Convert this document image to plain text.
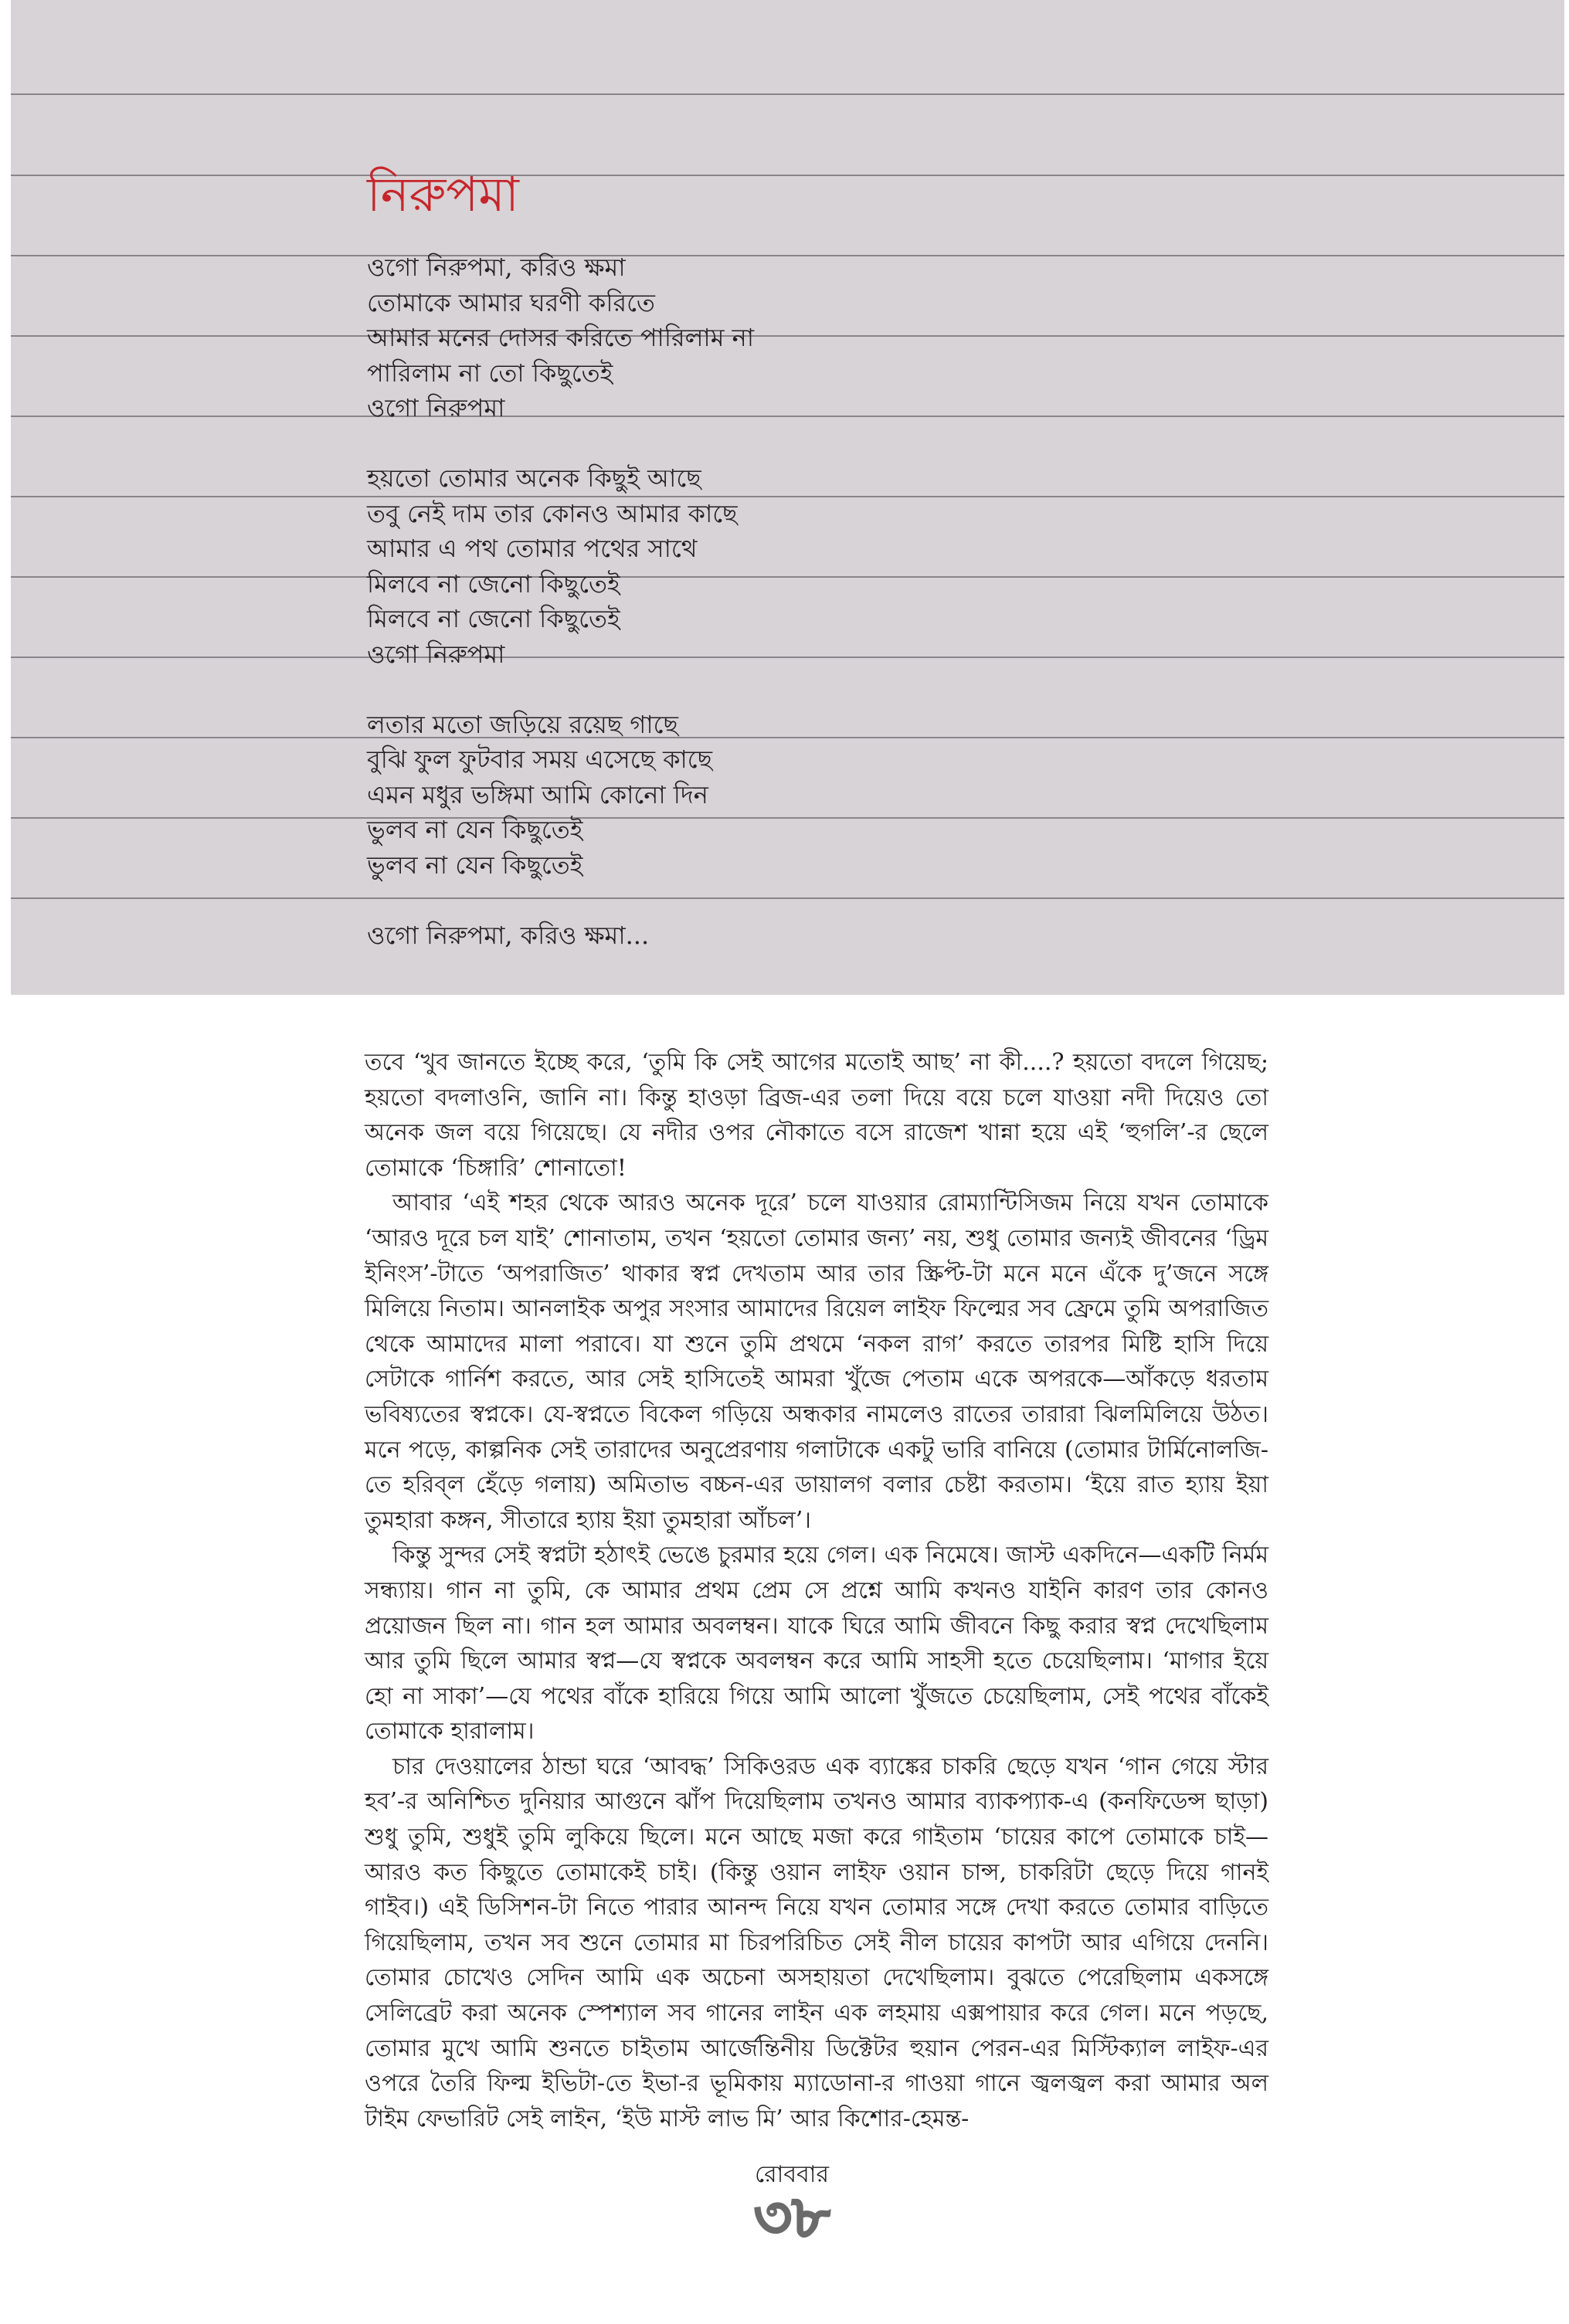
নিরুপমা
ওগো নিরুপমা, করিও ক্ষমা
তোমাকে আমার ঘরণী করিতে
আমার মনের দোসর করিতে পারিলাম না
পারিলাম না তো কিছুতেই
ওগো নিরুপমা
হয়তো তোমার অনেক কিছুই আছে
তবু নেই দাম তার কোনও আমার কাছে
আমার এ পথ তোমার পথের সাথে
মিলবে না জেনো কিছুতেই
মিলবে না জেনো কিছুতেই
ওগো নিরুপমা
লতার মতো জড়িয়ে রয়েছ গাছে
বুঝি ফুল ফুটবার সময় এসেছে কাছে
এমন মধুর ভঙ্গিমা আমি কোনো দিন
ভুলব না যেন কিছুতেই
ভুলব না যেন কিছুতেই
ওগো নিরুপমা, করিও ক্ষমা...

তবে ‘খুব জানতে ইচ্ছে করে, ‘তুমি কি সেই আগের মতোই আছ’ না কী....? হয়তো বদলে গিয়েছ; হয়তো বদলাওনি, জানি না। কিন্তু হাওড়া ব্রিজ-এর তলা দিয়ে বয়ে চলে যাওয়া নদী দিয়েও তো অনেক জল বয়ে গিয়েছে। যে নদীর ওপর নৌকাতে বসে রাজেশ খান্না হয়ে এই ‘হুগলি’-র ছেলে তোমাকে ‘চিঙ্গারি’ শোনাতো!

আবার ‘এই শহর থেকে আরও অনেক দূরে’ চলে যাওয়ার রোম্যান্টিসিজম নিয়ে যখন তোমাকে ‘আরও দূরে চল যাই’ শোনাতাম, তখন ‘হয়তো তোমার জন্য’ নয়, শুধু তোমার জন্যই জীবনের ‘ড্রিম ইনিংস’-টাতে ‘অপরাজিত’ থাকার স্বপ্ন দেখতাম আর তার স্ক্রিপ্ট-টা মনে মনে এঁকে দু’জনে সঙ্গে মিলিয়ে নিতাম। আনলাইক অপুর সংসার আমাদের রিয়েল লাইফ ফিল্মের সব ফ্রেমে তুমি অপরাজিত থেকে আমাদের মালা পরাবে। যা শুনে তুমি প্রথমে ‘নকল রাগ’ করতে তারপর মিষ্টি হাসি দিয়ে সেটাকে গার্নিশ করতে, আর সেই হাসিতেই আমরা খুঁজে পেতাম একে অপরকে—আঁকড়ে ধরতাম ভবিষ্যতের স্বপ্নকে। যে-স্বপ্নতে বিকেল গড়িয়ে অন্ধকার নামলেও রাতের তারারা ঝিলমিলিয়ে উঠত। মনে পড়ে, কাল্পনিক সেই তারাদের অনুপ্রেরণায় গলাটাকে একটু ভারি বানিয়ে (তোমার টার্মিনোলজি-তে হরিব্‌ল হেঁড়ে গলায়) অমিতাভ বচ্চন-এর ডায়ালগ বলার চেষ্টা করতাম। ‘ইয়ে রাত হ্যায় ইয়া তুমহারা কঙ্গন, সীতারে হ্যায় ইয়া তুমহারা আঁচল’।

কিন্তু সুন্দর সেই স্বপ্নটা হঠাৎই ভেঙে চুরমার হয়ে গেল। এক নিমেষে। জাস্ট একদিনে—একটি নির্মম সন্ধ্যায়। গান না তুমি, কে আমার প্রথম প্রেম সে প্রশ্নে আমি কখনও যাইনি কারণ তার কোনও প্রয়োজন ছিল না। গান হল আমার অবলম্বন। যাকে ঘিরে আমি জীবনে কিছু করার স্বপ্ন দেখেছিলাম আর তুমি ছিলে আমার স্বপ্ন—যে স্বপ্নকে অবলম্বন করে আমি সাহসী হতে চেয়েছিলাম। ‘মাগার ইয়ে হো না সাকা’—যে পথের বাঁকে হারিয়ে গিয়ে আমি আলো খুঁজতে চেয়েছিলাম, সেই পথের বাঁকেই তোমাকে হারালাম।

চার দেওয়ালের ঠান্ডা ঘরে ‘আবদ্ধ’ সিকিওরড এক ব্যাঙ্কের চাকরি ছেড়ে যখন ‘গান গেয়ে স্টার হব’-র অনিশ্চিত দুনিয়ার আগুনে ঝাঁপ দিয়েছিলাম তখনও আমার ব্যাকপ্যাক-এ (কনফিডেন্স ছাড়া) শুধু তুমি, শুধুই তুমি লুকিয়ে ছিলে। মনে আছে মজা করে গাইতাম ‘চায়ের কাপে তোমাকে চাই—আরও কত কিছুতে তোমাকেই চাই। (কিন্তু ওয়ান লাইফ ওয়ান চান্স, চাকরিটা ছেড়ে দিয়ে গানই গাইব।) এই ডিসিশন-টা নিতে পারার আনন্দ নিয়ে যখন তোমার সঙ্গে দেখা করতে তোমার বাড়িতে গিয়েছিলাম, তখন সব শুনে তোমার মা চিরপরিচিত সেই নীল চায়ের কাপটা আর এগিয়ে দেননি। তোমার চোখেও সেদিন আমি এক অচেনা অসহায়তা দেখেছিলাম। বুঝতে পেরেছিলাম একসঙ্গে সেলিব্রেট করা অনেক স্পেশ্যাল সব গানের লাইন এক লহমায় এক্সপায়ার করে গেল। মনে পড়ছে, তোমার মুখে আমি শুনতে চাইতাম আর্জেন্তিনীয় ডিক্টেটর হুয়ান পেরন-এর মিস্টিক্যাল লাইফ-এর ওপরে তৈরি ফিল্ম ইভিটা-তে ইভা-র ভূমিকায় ম্যাডোনা-র গাওয়া গানে জ্বলজ্বল করা আমার অল টাইম ফেভারিট সেই লাইন, ‘ইউ মাস্ট লাভ মি’ আর কিশোর-হেমন্ত-

রোববার
৩৮
